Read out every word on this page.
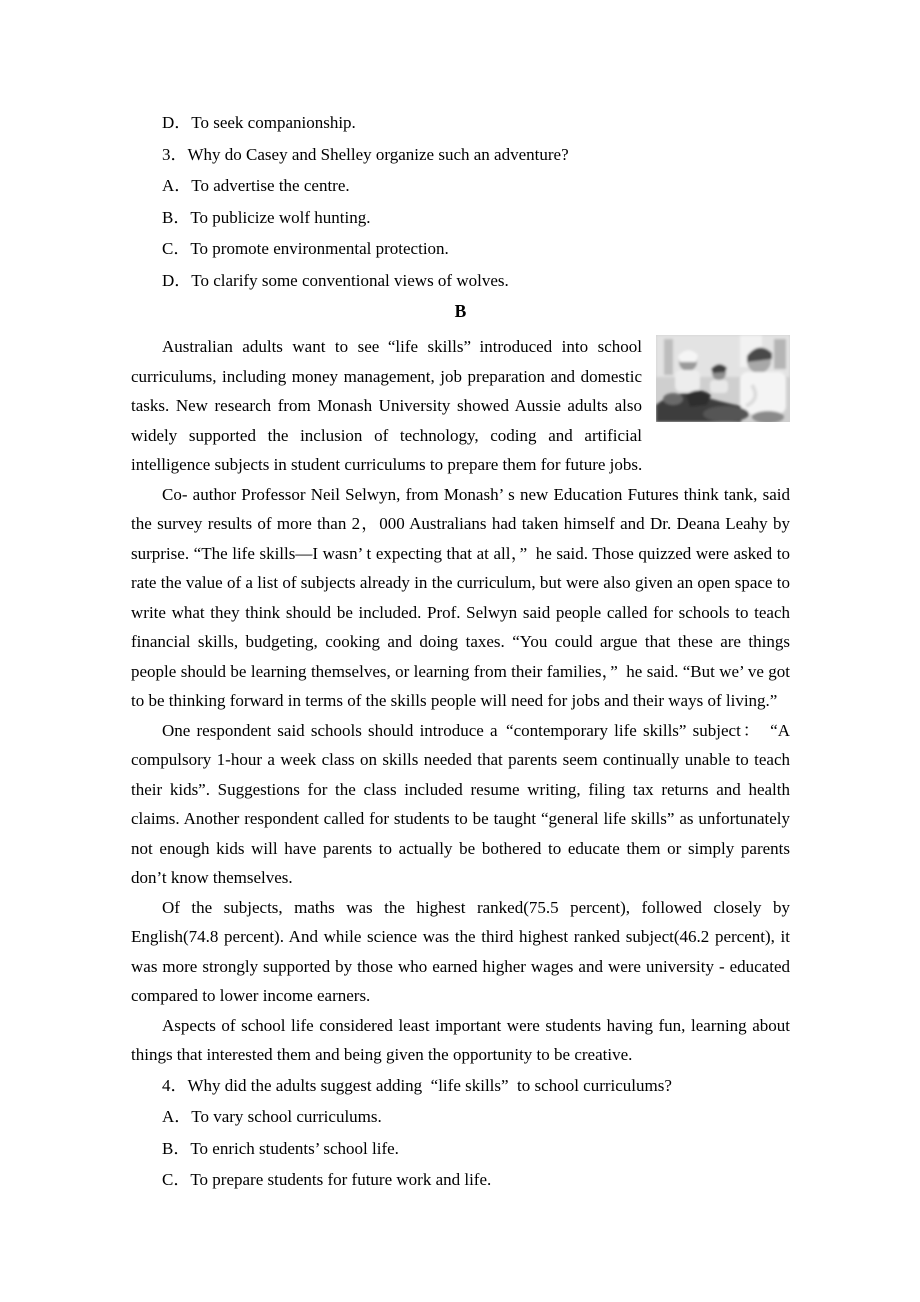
D．To seek companionship.
3．Why do Casey and Shelley organize such an adventure?
A．To advertise the centre.
B．To publicize wolf hunting.
C．To promote environmental protection.
D．To clarify some conventional views of wolves.
B
Australian adults want to see “life skills” introduced into school curriculums, including money management, job preparation and domestic tasks. New research from Monash University showed Aussie adults also widely supported the inclusion of technology, coding and artificial intelligence subjects in student curriculums to prepare them for future jobs.
Co- author Professor Neil Selwyn, from Monash’ s new Education Futures think tank, said the survey results of more than 2，000 Australians had taken himself and Dr. Deana Leahy by surprise. “The life skills—I wasn’ t expecting that at all，” he said. Those quizzed were asked to rate the value of a list of subjects already in the curriculum, but were also given an open space to write what they think should be included. Prof. Selwyn said people called for schools to teach financial skills, budgeting, cooking and doing taxes. “You could argue that these are things people should be learning themselves, or learning from their families，” he said. “But we’ ve got to be thinking forward in terms of the skills people will need for jobs and their ways of living.”
One respondent said schools should introduce a “contemporary life skills” subject： “A compulsory 1-hour a week class on skills needed that parents seem continually unable to teach their kids”. Suggestions for the class included resume writing, filing tax returns and health claims. Another respondent called for students to be taught “general life skills” as unfortunately not enough kids will have parents to actually be bothered to educate them or simply parents don’t know themselves.
Of the subjects, maths was the highest ranked(75.5 percent), followed closely by English(74.8 percent). And while science was the third highest ranked subject(46.2 percent), it was more strongly supported by those who earned higher wages and were university - educated compared to lower income earners.
Aspects of school life considered least important were students having fun, learning about things that interested them and being given the opportunity to be creative.
4．Why did the adults suggest adding “life skills” to school curriculums?
A．To vary school curriculums.
B．To enrich students’ school life.
C．To prepare students for future work and life.
